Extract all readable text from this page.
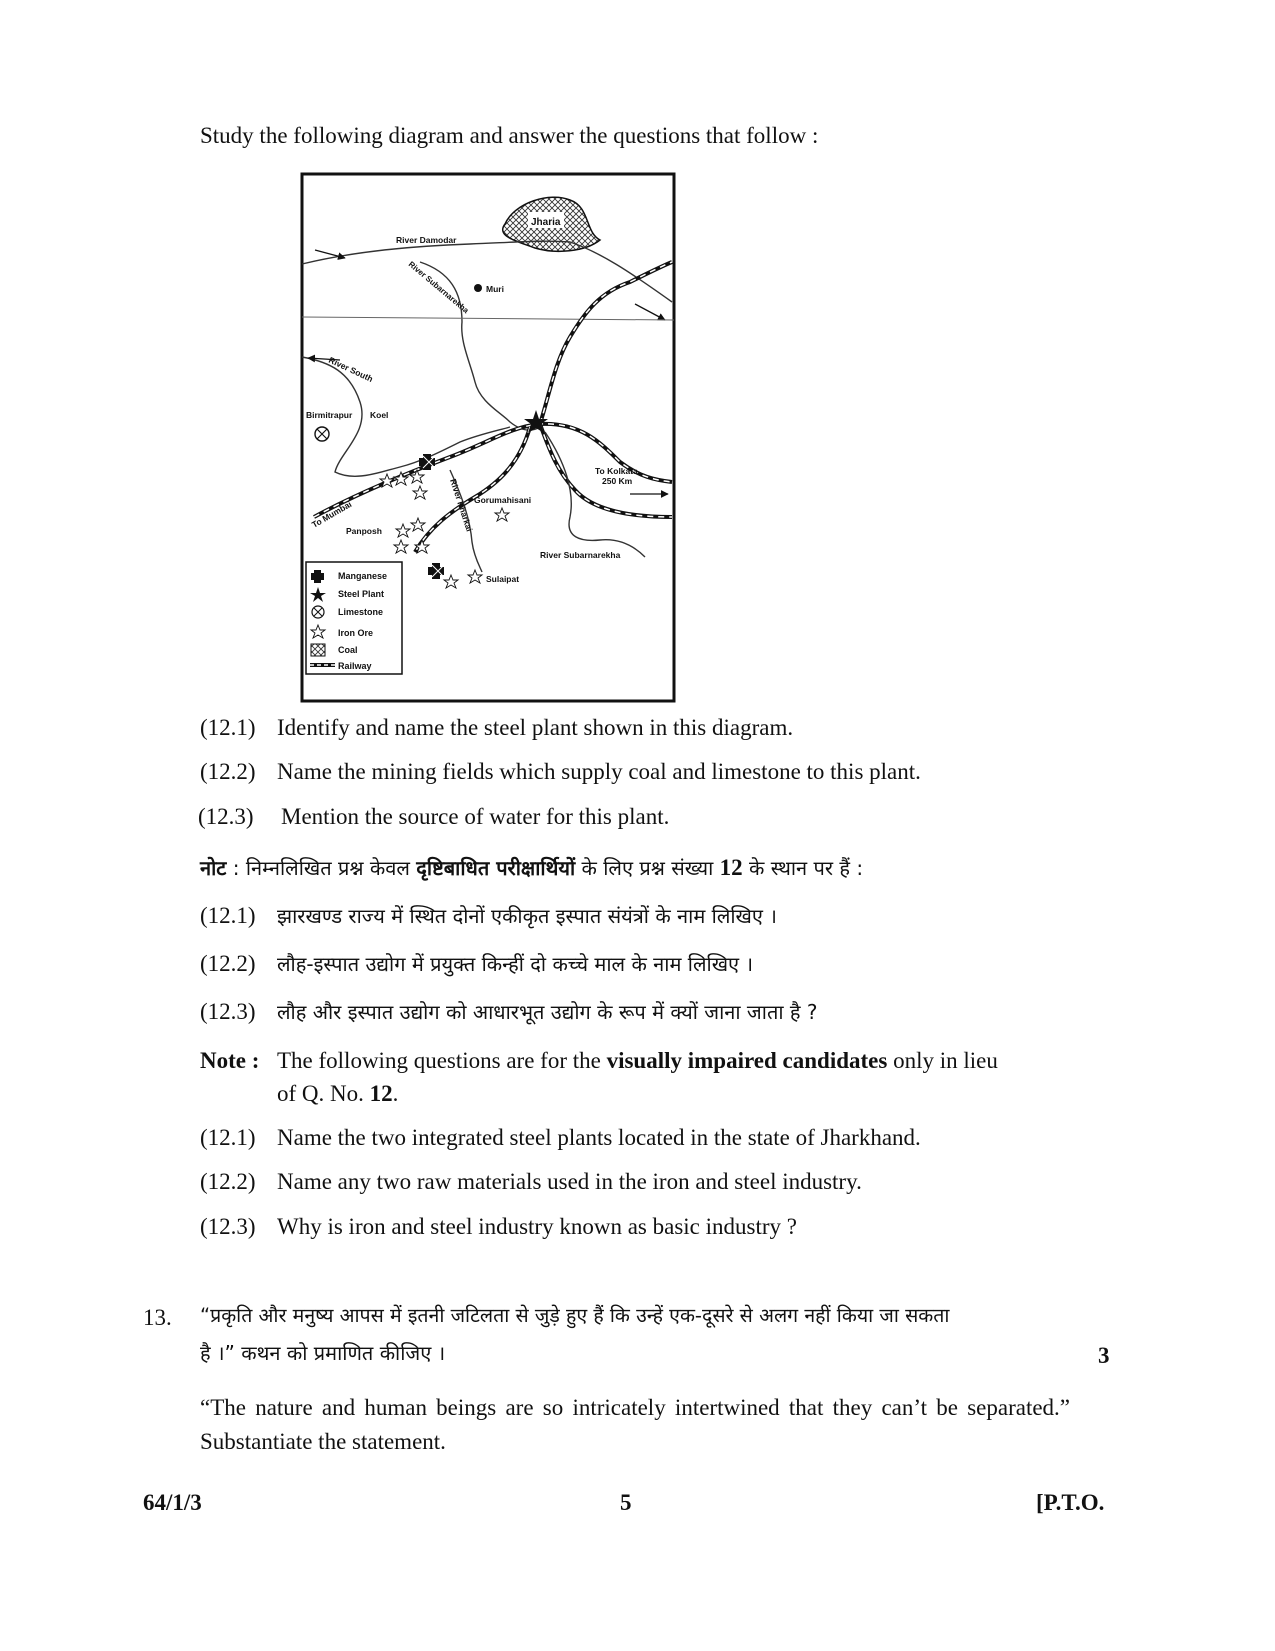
Study the following diagram and answer the questions that follow :
Jharia
River Damodar
River Subarnarekha Muri
River South
Koel
Birmitrapur
River Kharkai
River Subarnarekha
To Kolkata
250 Km
To Mumbai	Gorumahisani
Panposh
Sulaipat
Manganese
Steel Plant
Limestone
Iron Ore
Coal
Railway
(12.1) Identify and name the steel plant shown in this diagram.
(12.2) Name the mining fields which supply coal and limestone to this plant.
(12.3) Mention the source of water for this plant.
नोट : निम्नलिखित प्रश्न केवल दृष्टिबाधित परीक्षार्थियों के लिए प्रश्न संख्या 12 के स्थान पर हैं :
(12.1) झारखण्ड राज्य में स्थित दोनों एकीकृत इस्पात संयंत्रों के नाम लिखिए ।
(12.2) लौह-इस्पात उद्योग में प्रयुक्त किन्हीं दो कच्चे माल के नाम लिखिए ।
(12.3) लौह और इस्पात उद्योग को आधारभूत उद्योग के रूप में क्यों जाना जाता है ?
Note : The following questions are for the visually impaired candidates only in lieu
of Q. No. 12.
(12.1) Name the two integrated steel plants located in the state of Jharkhand.
(12.2) Name any two raw materials used in the iron and steel industry.
(12.3) Why is iron and steel industry known as basic industry ?
13. “प्रकृति और मनुष्य आपस में इतनी जटिलता से जुड़े हुए हैं कि उन्हें एक-दूसरे से अलग नहीं किया जा सकता
है ।” कथन को प्रमाणित कीजिए ।	3
“The nature and human beings are so intricately intertwined that they can’t be separated.” Substantiate the statement.
64/1/3	5	[P.T.O.
